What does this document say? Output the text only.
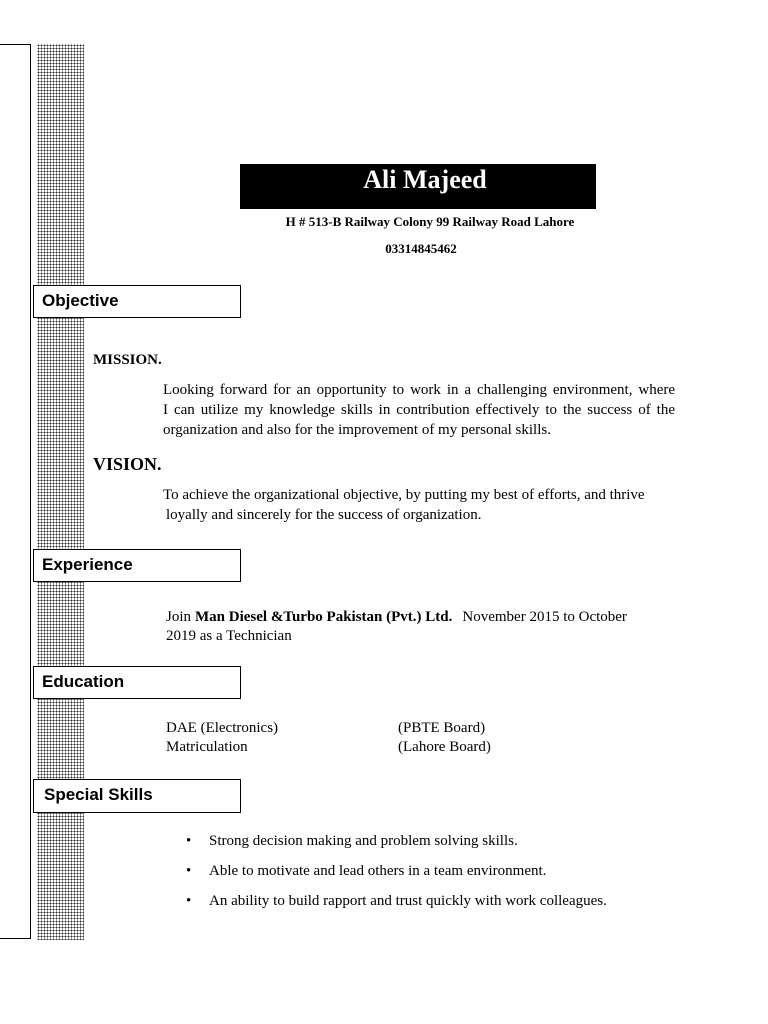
Ali Majeed
H # 513-B Railway Colony 99 Railway Road Lahore
03314845462
Objective
MISSION.
Looking forward for an opportunity to work in a challenging environment, where
I can utilize my knowledge skills in contribution effectively to the success of the
organization and also for the improvement of my personal skills.
VISION.
To achieve the organizational objective, by putting my best of efforts, and thrive
loyally and sincerely for the success of organization.
Experience
Join Man Diesel &Turbo Pakistan (Pvt.) Ltd. November 2015 to October
2019 as a Technician
Education
DAE (Electronics)	(PBTE Board)
Matriculation	(Lahore Board)
Special Skills
•
Strong decision making and problem solving skills.
•
Able to motivate and lead others in a team environment.
•
An ability to build rapport and trust quickly with work colleagues.
